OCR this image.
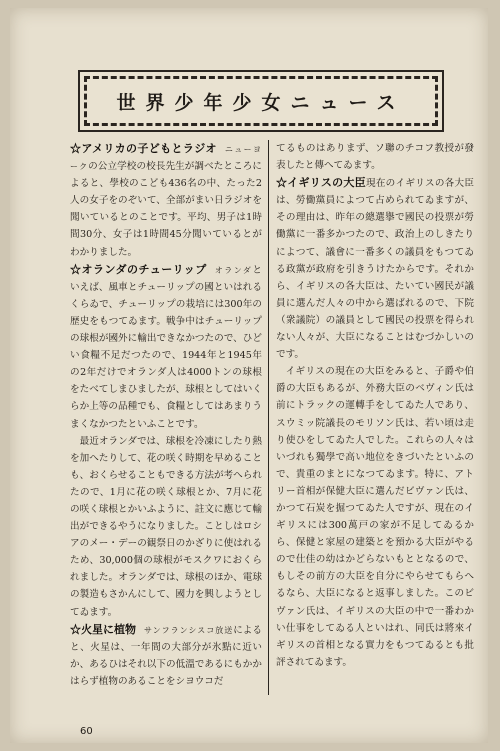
世界少年少女ニュース

☆アメリカの子どもとラジオ ニューヨークの公立学校の校長先生が調べたところによると、學校のこども436名の中、たった2人の女子をのぞいて、全部がまい日ラジオを聞いているとのことです。平均、男子は1時間30分、女子は1時間45分聞いているとがわかりました。

☆オランダのチューリップ オランダといえば、風車とチューリップの國といはれるくらゐで、チューリップの栽培には300年の歴史をもつてゐます。戦争中はチューリップの球根が國外に輸出できなかつたので、ひどい食糧不足だつたので、1944年と1945年の2年だけでオランダ人は4000トンの球根をたべてしまひましたが、球根としてはいくらか上等の品種でも、食糧としてはあまりうまくなかつたといふことです。

最近オランダでは、球根を冷凍にしたり熱を加へたりして、花の咲く時期を早めることも、おくらせることもできる方法が考へられたので、1月に花の咲く球根とか、7月に花の咲く球根とかいふように、註文に應じて輸出ができるやうになりました。ことしはロシアのメー・デーの観祭日のかざりに使はれるため、30,000個の球根がモスクワにおくられました。オランダでは、球根のほか、電球の製造もさかんにして、國力を興しようとしてゐます。

☆火星に植物 サンフランシスコ放送によると、火星は、一年間の大部分が氷點に近いか、あるひはそれ以下の低溫であるにもかかはらず植物のあることをシヨウコだ

てるものはありまず、ソ聯のチコフ教授が發表したと傳へてゐます。

☆イギリスの大臣現在のイギリスの各大臣は、勞働黨員によつて占められてゐますが、その理由は、昨年の總選擧で國民の投票が勞働黨に一番多かつたので、政治上のしきたりによつて、議會に一番多くの議員をもつてゐる政黨が政府を引きうけたからです。それから、イギリスの各大臣は、たいてい國民が議員に選んだ人々の中から選ばれるので、下院（衆議院）の議員として國民の投票を得られない人々が、大臣になることはむづかしいのです。

イギリスの現在の大臣をみると、子爵や伯爵の大臣もあるが、外務大臣のベヴィン氏は前にトラックの運轉手をしてゐた人であり、スウミッ院議長のモリソン氏は、若い頃は走り使ひをしてゐた人でした。これらの人々はいづれも獨學で高い地位をきづいたといふので、貴重のまとになつてゐます。特に、アトリー首相が保健大臣に選んだビヴァン氏は、かつて石炭を掘つてゐた人ですが、現在のイギリスには300萬戸の家が不足してゐるから、保健と家屋の建築とを預かる大臣がやるので仕佳の幼はかどらないもととなるので、もしその前方の大臣を自分にやらせてもらへるなら、大臣になると返事しました。このビヴァン氏は、イギリスの大臣の中で一番わかい仕事をしてゐる人といはれ、同氏は將來イギリスの首相となる實力をもつてゐるとも批評されてゐます。

60
